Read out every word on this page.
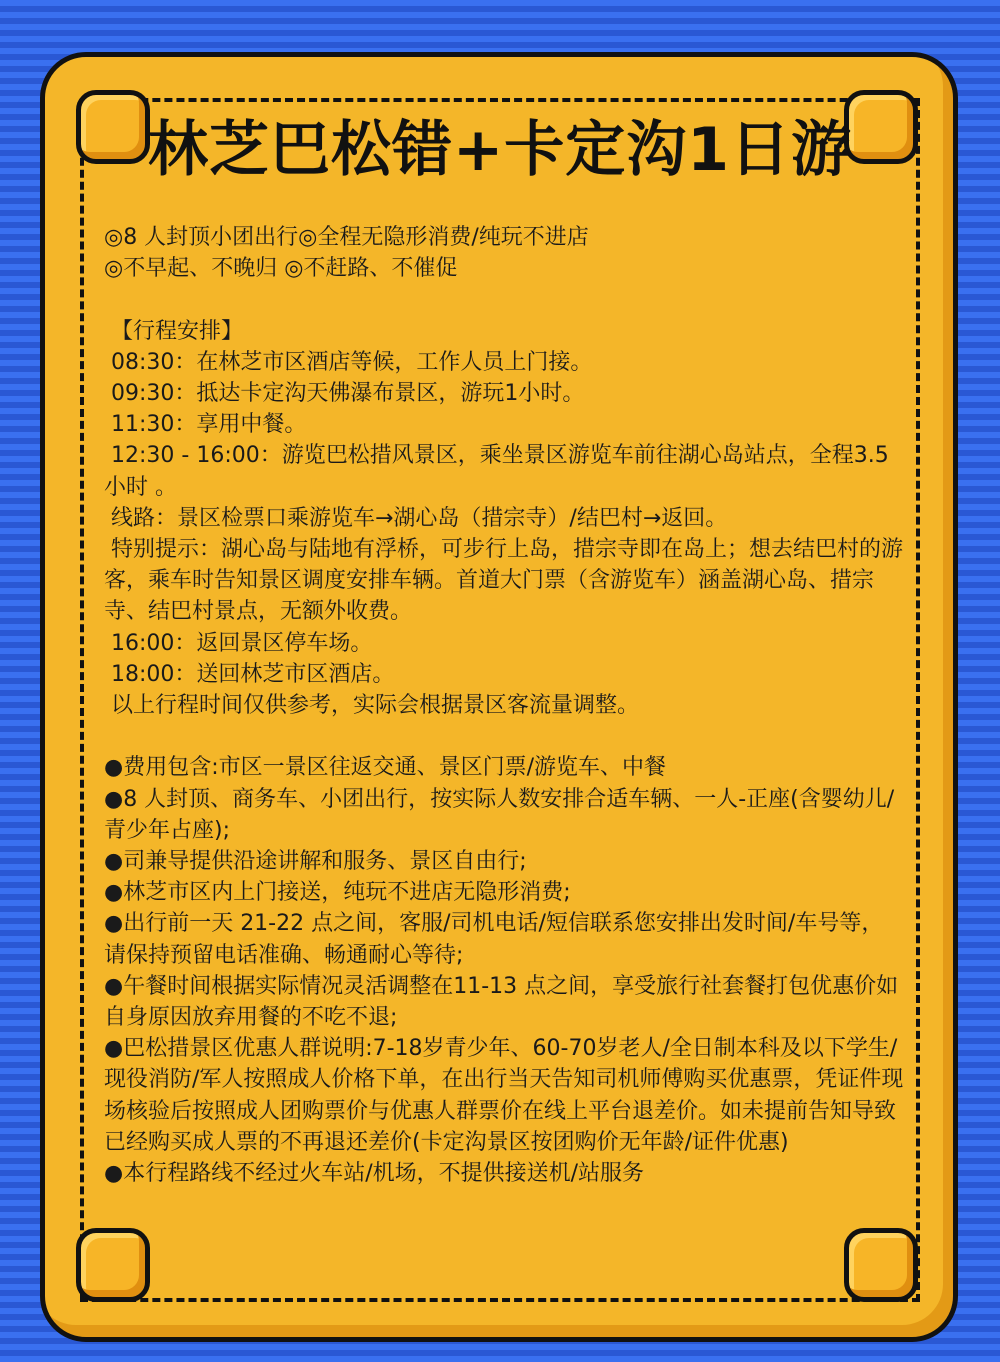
林芝巴松错+卡定沟1日游

◎8 人封顶小团出行◎全程无隐形消费/纯玩不进店

◎不早起、不晚归 ◎不赶路、不催促

【行程安排】

08:30：在林芝市区酒店等候，工作人员上门接。

09:30：抵达卡定沟天佛瀑布景区，游玩1小时。

11:30：享用中餐。

12:30 - 16:00：游览巴松措风景区，乘坐景区游览车前往湖心岛站点，全程3.5小时 。

线路：景区检票口乘游览车→湖心岛（措宗寺）/结巴村→返回。

特别提示：湖心岛与陆地有浮桥，可步行上岛，措宗寺即在岛上；想去结巴村的游客，乘车时告知景区调度安排车辆。首道大门票（含游览车）涵盖湖心岛、措宗寺、结巴村景点，无额外收费。

16:00：返回景区停车场。

18:00：送回林芝市区酒店。

以上行程时间仅供参考，实际会根据景区客流量调整。

●费用包含:市区一景区往返交通、景区门票/游览车、中餐

●8 人封顶、商务车、小团出行，按实际人数安排合适车辆、一人-正座(含婴幼儿/青少年占座);

●司兼导提供沿途讲解和服务、景区自由行;

●林芝市区内上门接送，纯玩不进店无隐形消费;

●出行前一天 21-22 点之间，客服/司机电话/短信联系您安排出发时间/车号等，请保持预留电话准确、畅通耐心等待;

●午餐时间根据实际情况灵活调整在11-13 点之间，享受旅行社套餐打包优惠价如自身原因放弃用餐的不吃不退;

●巴松措景区优惠人群说明:7-18岁青少年、60-70岁老人/全日制本科及以下学生/现役消防/军人按照成人价格下单，在出行当天告知司机师傅购买优惠票，凭证件现场核验后按照成人团购票价与优惠人群票价在线上平台退差价。如未提前告知导致已经购买成人票的不再退还差价(卡定沟景区按团购价无年龄/证件优惠)

●本行程路线不经过火车站/机场，不提供接送机/站服务
